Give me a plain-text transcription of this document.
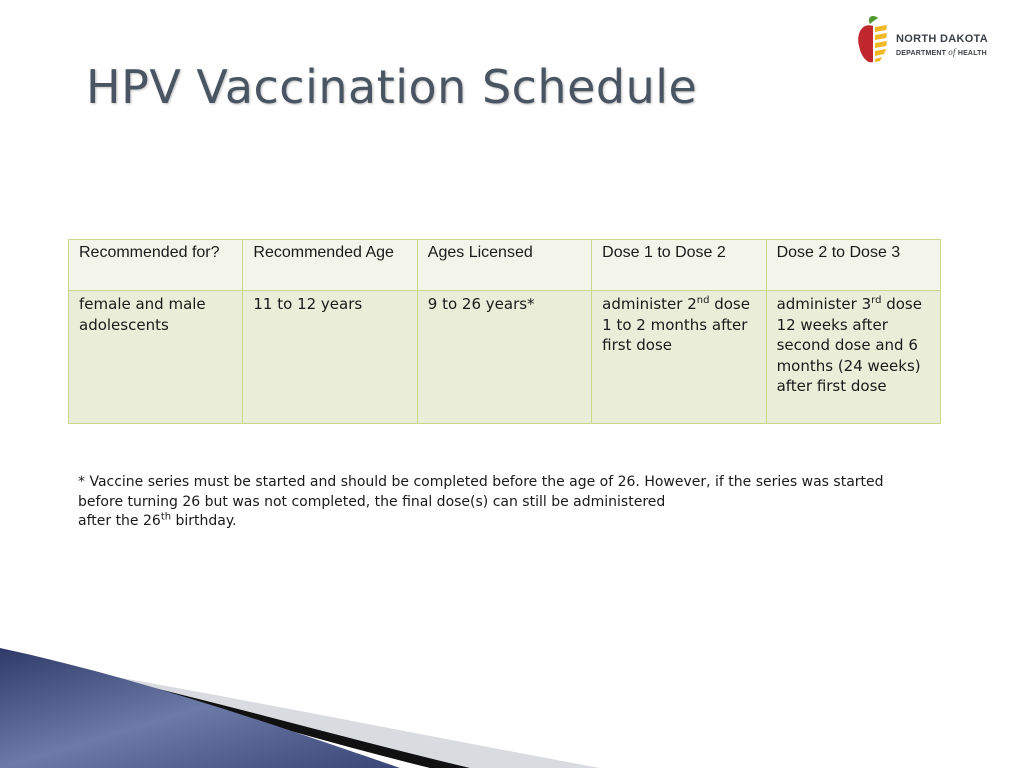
HPV Vaccination Schedule
NORTH DAKOTA
DEPARTMENT of HEALTH
Recommended for?	Recommended Age	Ages Licensed	Dose 1 to Dose 2	Dose 2 to Dose 3
female and male adolescents	11 to 12 years	9 to 26 years*	administer 2nd dose 1 to 2 months after first dose	administer 3rd dose 12 weeks after second dose and 6 months (24 weeks) after first dose
* Vaccine series must be started and should be completed before the age of 26. However, if the series was started before turning 26 but was not completed, the final dose(s) can still be administered
after the 26th birthday.
